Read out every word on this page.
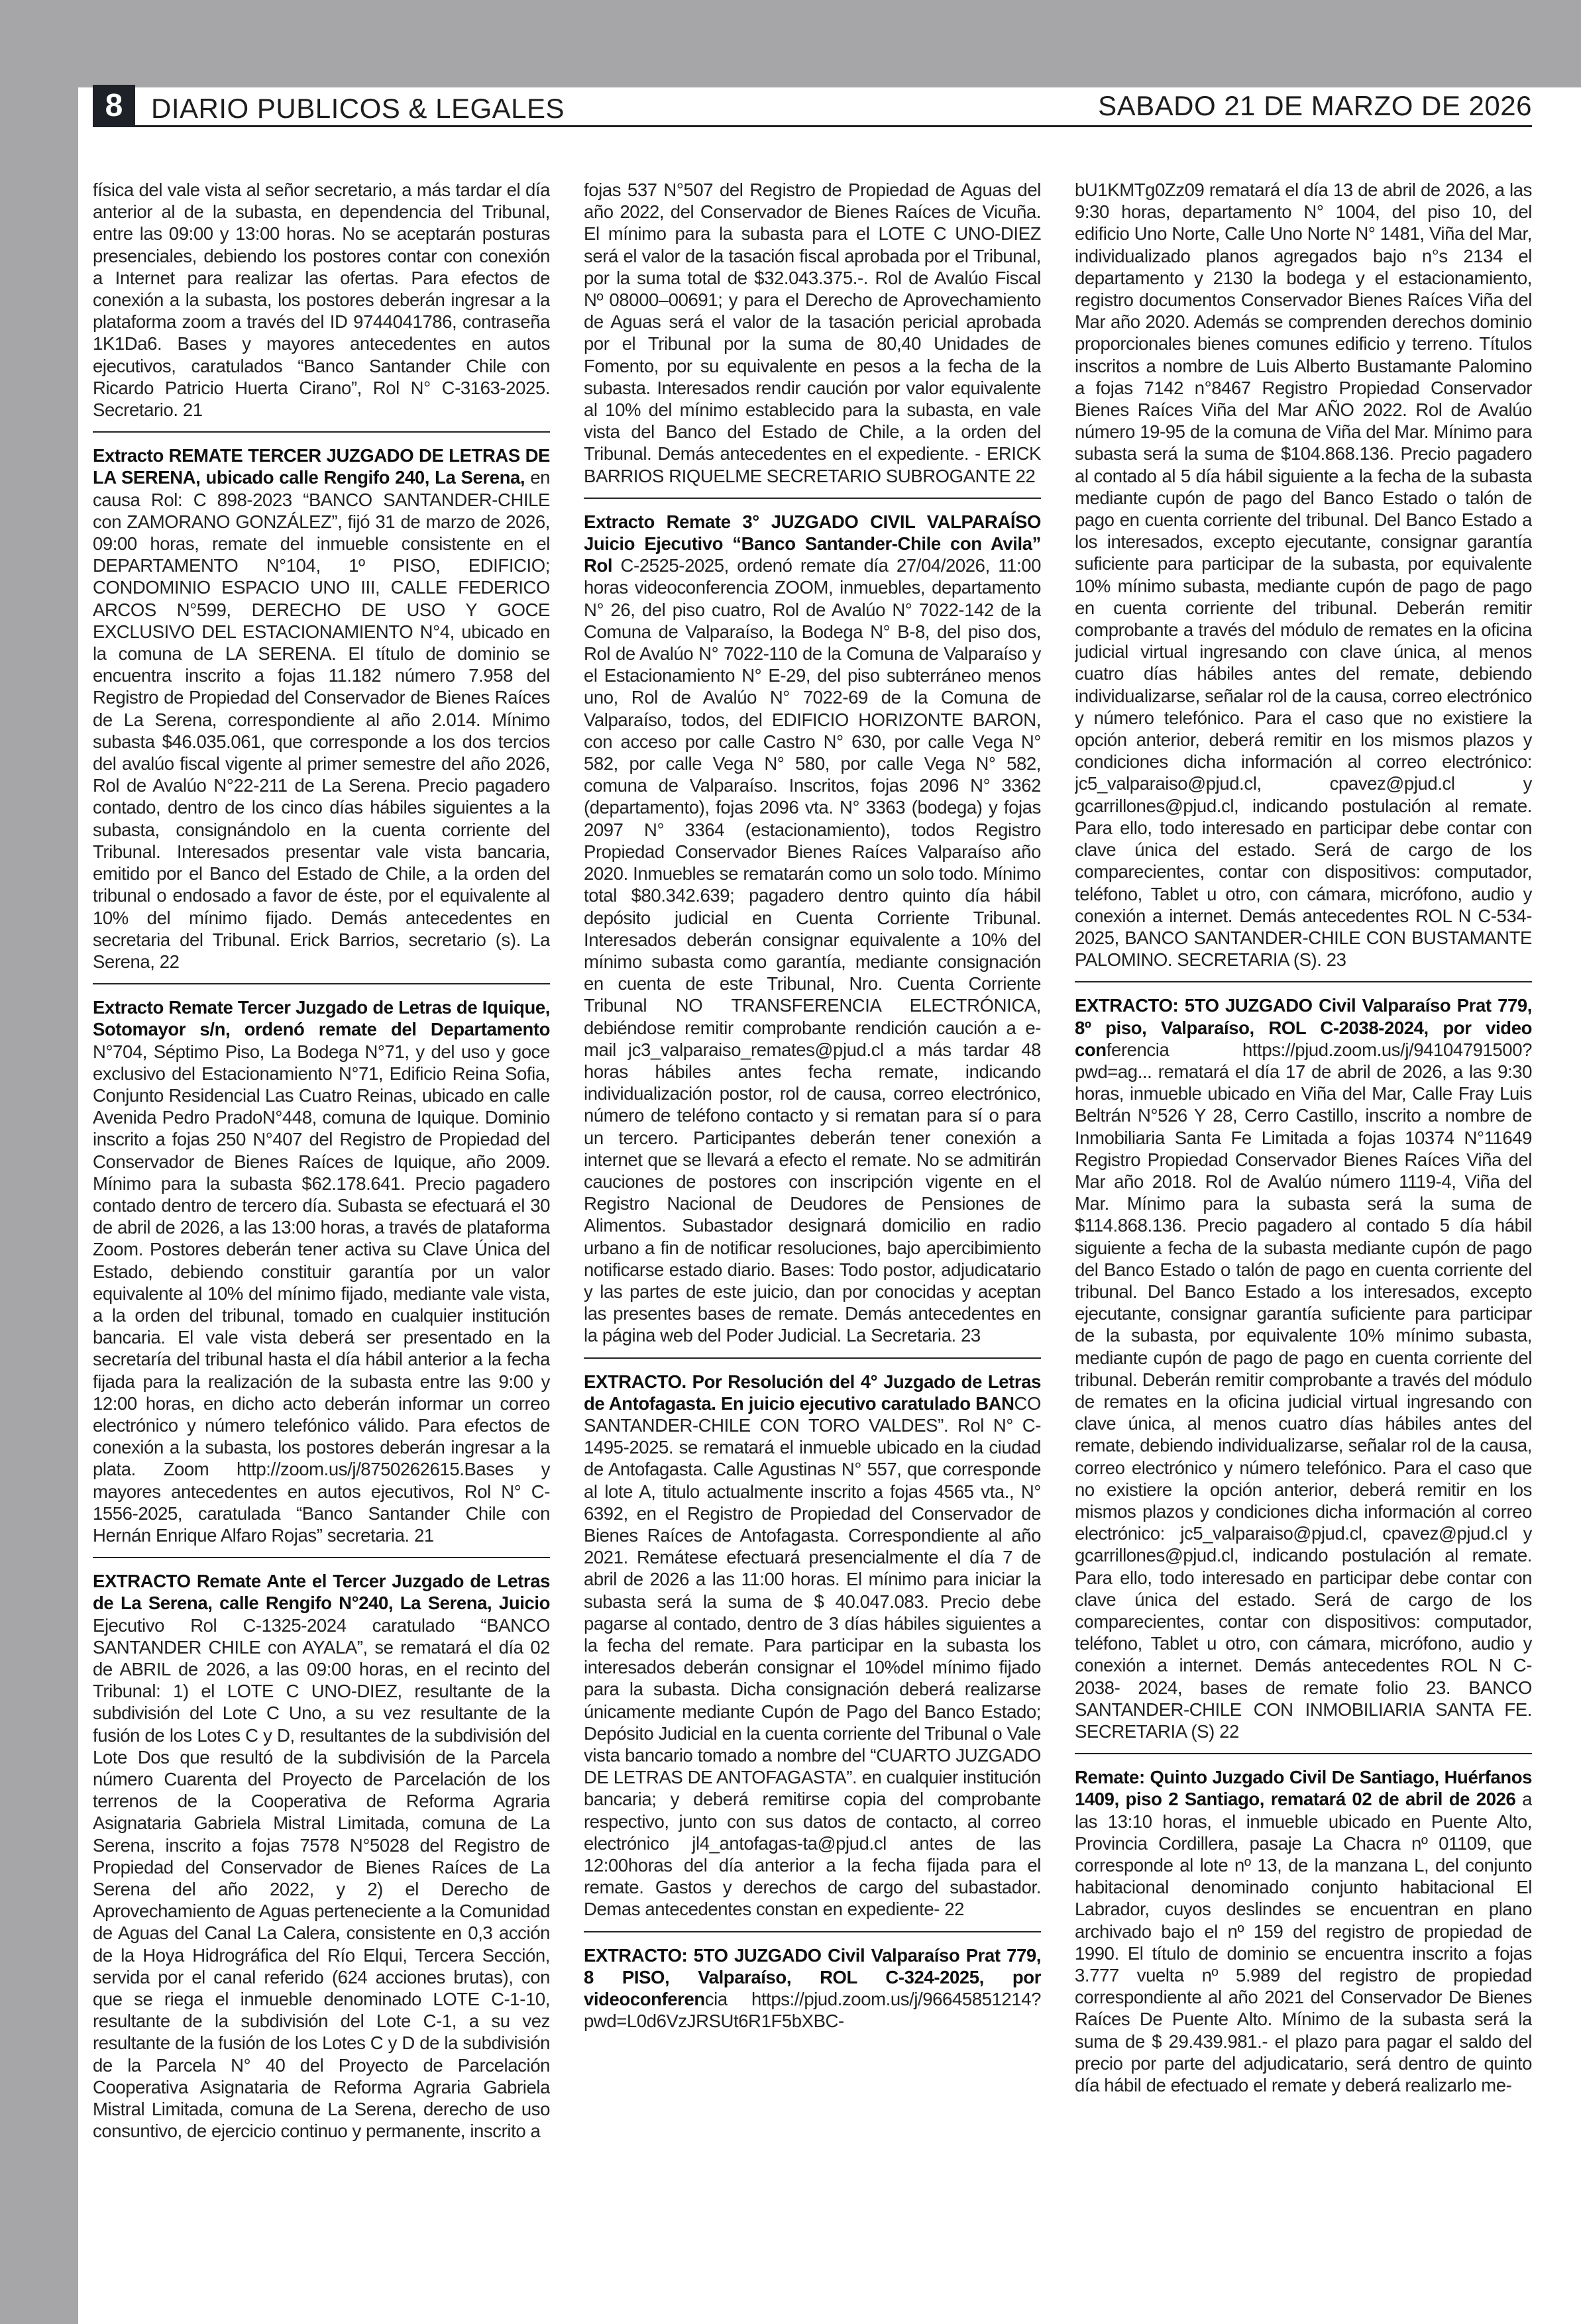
8	DIARIO PUBLICOS & LEGALES	SABADO 21 DE MARZO DE 2026

física del vale vista al señor secretario, a más tardar el día anterior al de la subasta, en dependencia del Tribunal, entre las 09:00 y 13:00 horas. No se aceptarán posturas presenciales, debiendo los postores contar con conexión a Internet para realizar las ofertas. Para efectos de conexión a la subasta, los postores deberán ingresar a la plataforma zoom a través del ID 9744041786, contraseña 1K1Da6. Bases y mayores antecedentes en autos ejecutivos, caratulados “Banco Santander Chile con Ricardo Patricio Huerta Cirano”, Rol N° C-3163-2025. Secretario. 21

Extracto REMATE TERCER JUZGADO DE LETRAS DE LA SERENA, ubicado calle Rengifo 240, La Serena, en causa Rol: C 898-2023 “BANCO SANTANDER-CHILE con ZAMORANO GONZÁLEZ”, fijó 31 de marzo de 2026, 09:00 horas, remate del inmueble consistente en el DEPARTAMENTO N°104, 1º PISO, EDIFICIO; CONDOMINIO ESPACIO UNO III, CALLE FEDERICO ARCOS N°599, DERECHO DE USO Y GOCE EXCLUSIVO DEL ESTACIONAMIENTO N°4, ubicado en la comuna de LA SERENA. El título de dominio se encuentra inscrito a fojas 11.182 número 7.958 del Registro de Propiedad del Conservador de Bienes Raíces de La Serena, correspondiente al año 2.014. Mínimo subasta $46.035.061, que corresponde a los dos tercios del avalúo fiscal vigente al primer semestre del año 2026, Rol de Avalúo N°22-211 de La Serena. Precio pagadero contado, dentro de los cinco días hábiles siguientes a la subasta, consignándolo en la cuenta corriente del Tribunal. Interesados presentar vale vista bancaria, emitido por el Banco del Estado de Chile, a la orden del tribunal o endosado a favor de éste, por el equivalente al 10% del mínimo fijado. Demás antecedentes en secretaria del Tribunal. Erick Barrios, secretario (s). La Serena, 22

Extracto Remate Tercer Juzgado de Letras de Iquique, Sotomayor s/n, ordenó remate del Departamento N°704, Séptimo Piso, La Bodega N°71, y del uso y goce exclusivo del Estacionamiento N°71, Edificio Reina Sofia, Conjunto Residencial Las Cuatro Reinas, ubicado en calle Avenida Pedro PradoN°448, comuna de Iquique. Dominio inscrito a fojas 250 N°407 del Registro de Propiedad del Conservador de Bienes Raíces de Iquique, año 2009. Mínimo para la subasta $62.178.641. Precio pagadero contado dentro de tercero día. Subasta se efectuará el 30 de abril de 2026, a las 13:00 horas, a través de plataforma Zoom. Postores deberán tener activa su Clave Única del Estado, debiendo constituir garantía por un valor equivalente al 10% del mínimo fijado, mediante vale vista, a la orden del tribunal, tomado en cualquier institución bancaria. El vale vista deberá ser presentado en la secretaría del tribunal hasta el día hábil anterior a la fecha fijada para la realización de la subasta entre las 9:00 y 12:00 horas, en dicho acto deberán informar un correo electrónico y número telefónico válido. Para efectos de conexión a la subasta, los postores deberán ingresar a la plata. Zoom http://zoom.us/j/8750262615.Bases y mayores antecedentes en autos ejecutivos, Rol N° C-1556-2025, caratulada “Banco Santander Chile con Hernán Enrique Alfaro Rojas” secretaria. 21

EXTRACTO Remate Ante el Tercer Juzgado de Letras de La Serena, calle Rengifo N°240, La Serena, Juicio Ejecutivo Rol C-1325-2024 caratulado “BANCO SANTANDER CHILE con AYALA”, se rematará el día 02 de ABRIL de 2026, a las 09:00 horas, en el recinto del Tribunal: 1) el LOTE C UNO-DIEZ, resultante de la subdivisión del Lote C Uno, a su vez resultante de la fusión de los Lotes C y D, resultantes de la subdivisión del Lote Dos que resultó de la subdivisión de la Parcela número Cuarenta del Proyecto de Parcelación de los terrenos de la Cooperativa de Reforma Agraria Asignataria Gabriela Mistral Limitada, comuna de La Serena, inscrito a fojas 7578 N°5028 del Registro de Propiedad del Conservador de Bienes Raíces de La Serena del año 2022, y 2) el Derecho de Aprovechamiento de Aguas perteneciente a la Comunidad de Aguas del Canal La Calera, consistente en 0,3 acción de la Hoya Hidrográfica del Río Elqui, Tercera Sección, servida por el canal referido (624 acciones brutas), con que se riega el inmueble denominado LOTE C-1-10, resultante de la subdivisión del Lote C-1, a su vez resultante de la fusión de los Lotes C y D de la subdivisión de la Parcela N° 40 del Proyecto de Parcelación Cooperativa Asignataria de Reforma Agraria Gabriela Mistral Limitada, comuna de La Serena, derecho de uso consuntivo, de ejercicio continuo y permanente, inscrito a

fojas 537 N°507 del Registro de Propiedad de Aguas del año 2022, del Conservador de Bienes Raíces de Vicuña. El mínimo para la subasta para el LOTE C UNO-DIEZ será el valor de la tasación fiscal aprobada por el Tribunal, por la suma total de $32.043.375.-. Rol de Avalúo Fiscal Nº 08000–00691; y para el Derecho de Aprovechamiento de Aguas será el valor de la tasación pericial aprobada por el Tribunal por la suma de 80,40 Unidades de Fomento, por su equivalente en pesos a la fecha de la subasta. Interesados rendir caución por valor equivalente al 10% del mínimo establecido para la subasta, en vale vista del Banco del Estado de Chile, a la orden del Tribunal. Demás antecedentes en el expediente. - ERICK BARRIOS RIQUELME SECRETARIO SUBROGANTE 22

Extracto Remate 3° JUZGADO CIVIL VALPARAÍSO Juicio Ejecutivo “Banco Santander-Chile con Avila” Rol C-2525-2025, ordenó remate día 27/04/2026, 11:00 horas videoconferencia ZOOM, inmuebles, departamento N° 26, del piso cuatro, Rol de Avalúo N° 7022-142 de la Comuna de Valparaíso, la Bodega N° B-8, del piso dos, Rol de Avalúo N° 7022-110 de la Comuna de Valparaíso y el Estacionamiento N° E-29, del piso subterráneo menos uno, Rol de Avalúo N° 7022-69 de la Comuna de Valparaíso, todos, del EDIFICIO HORIZONTE BARON, con acceso por calle Castro N° 630, por calle Vega N° 582, por calle Vega N° 580, por calle Vega N° 582, comuna de Valparaíso. Inscritos, fojas 2096 N° 3362 (departamento), fojas 2096 vta. N° 3363 (bodega) y fojas 2097 N° 3364 (estacionamiento), todos Registro Propiedad Conservador Bienes Raíces Valparaíso año 2020. Inmuebles se rematarán como un solo todo. Mínimo total $80.342.639; pagadero dentro quinto día hábil depósito judicial en Cuenta Corriente Tribunal. Interesados deberán consignar equivalente a 10% del mínimo subasta como garantía, mediante consignación en cuenta de este Tribunal, Nro. Cuenta Corriente Tribunal NO TRANSFERENCIA ELECTRÓNICA, debiéndose remitir comprobante rendición caución a e-mail jc3_valparaiso_remates@pjud.cl a más tardar 48 horas hábiles antes fecha remate, indicando individualización postor, rol de causa, correo electrónico, número de teléfono contacto y si rematan para sí o para un tercero. Participantes deberán tener conexión a internet que se llevará a efecto el remate. No se admitirán cauciones de postores con inscripción vigente en el Registro Nacional de Deudores de Pensiones de Alimentos. Subastador designará domicilio en radio urbano a fin de notificar resoluciones, bajo apercibimiento notificarse estado diario. Bases: Todo postor, adjudicatario y las partes de este juicio, dan por conocidas y aceptan las presentes bases de remate. Demás antecedentes en la página web del Poder Judicial. La Secretaria. 23

EXTRACTO. Por Resolución del 4° Juzgado de Letras de Antofagasta. En juicio ejecutivo caratulado BANCO SANTANDER-CHILE CON TORO VALDES”. Rol N° C-1495-2025. se rematará el inmueble ubicado en la ciudad de Antofagasta. Calle Agustinas N° 557, que corresponde al lote A, titulo actualmente inscrito a fojas 4565 vta., N° 6392, en el Registro de Propiedad del Conservador de Bienes Raíces de Antofagasta. Correspondiente al año 2021. Remátese efectuará presencialmente el día 7 de abril de 2026 a las 11:00 horas. El mínimo para iniciar la subasta será la suma de $ 40.047.083. Precio debe pagarse al contado, dentro de 3 días hábiles siguientes a la fecha del remate. Para participar en la subasta los interesados deberán consignar el 10%del mínimo fijado para la subasta. Dicha consignación deberá realizarse únicamente mediante Cupón de Pago del Banco Estado; Depósito Judicial en la cuenta corriente del Tribunal o Vale vista bancario tomado a nombre del “CUARTO JUZGADO DE LETRAS DE ANTOFAGASTA”. en cualquier institución bancaria; y deberá remitirse copia del comprobante respectivo, junto con sus datos de contacto, al correo electrónico jl4_antofagas-ta@pjud.cl antes de las 12:00horas del día anterior a la fecha fijada para el remate. Gastos y derechos de cargo del subastador. Demas antecedentes constan en expediente- 22

EXTRACTO: 5TO JUZGADO Civil Valparaíso Prat 779, 8 PISO, Valparaíso, ROL C-324-2025, por videoconferencia https://pjud.zoom.us/j/96645851214?pwd=L0d6VzJRSUt6R1F5bXBC-

bU1KMTg0Zz09 rematará el día 13 de abril de 2026, a las 9:30 horas, departamento N° 1004, del piso 10, del edificio Uno Norte, Calle Uno Norte N° 1481, Viña del Mar, individualizado planos agregados bajo n°s 2134 el departamento y 2130 la bodega y el estacionamiento, registro documentos Conservador Bienes Raíces Viña del Mar año 2020. Además se comprenden derechos dominio proporcionales bienes comunes edificio y terreno. Títulos inscritos a nombre de Luis Alberto Bustamante Palomino a fojas 7142 n°8467 Registro Propiedad Conservador Bienes Raíces Viña del Mar AÑO 2022. Rol de Avalúo número 19-95 de la comuna de Viña del Mar. Mínimo para subasta será la suma de $104.868.136. Precio pagadero al contado al 5 día hábil siguiente a la fecha de la subasta mediante cupón de pago del Banco Estado o talón de pago en cuenta corriente del tribunal. Del Banco Estado a los interesados, excepto ejecutante, consignar garantía suficiente para participar de la subasta, por equivalente 10% mínimo subasta, mediante cupón de pago de pago en cuenta corriente del tribunal. Deberán remitir comprobante a través del módulo de remates en la oficina judicial virtual ingresando con clave única, al menos cuatro días hábiles antes del remate, debiendo individualizarse, señalar rol de la causa, correo electrónico y número telefónico. Para el caso que no existiere la opción anterior, deberá remitir en los mismos plazos y condiciones dicha información al correo electrónico: jc5_valparaiso@pjud.cl, cpavez@pjud.cl y gcarrillones@pjud.cl, indicando postulación al remate. Para ello, todo interesado en participar debe contar con clave única del estado. Será de cargo de los comparecientes, contar con dispositivos: computador, teléfono, Tablet u otro, con cámara, micrófono, audio y conexión a internet. Demás antecedentes ROL N C-534-2025, BANCO SANTANDER-CHILE CON BUSTAMANTE PALOMINO. SECRETARIA (S). 23

EXTRACTO: 5TO JUZGADO Civil Valparaíso Prat 779, 8º piso, Valparaíso, ROL C-2038-2024, por video conferencia https://pjud.zoom.us/j/94104791500?pwd=ag... rematará el día 17 de abril de 2026, a las 9:30 horas, inmueble ubicado en Viña del Mar, Calle Fray Luis Beltrán N°526 Y 28, Cerro Castillo, inscrito a nombre de Inmobiliaria Santa Fe Limitada a fojas 10374 N°11649 Registro Propiedad Conservador Bienes Raíces Viña del Mar año 2018. Rol de Avalúo número 1119-4, Viña del Mar. Mínimo para la subasta será la suma de $114.868.136. Precio pagadero al contado 5 día hábil siguiente a fecha de la subasta mediante cupón de pago del Banco Estado o talón de pago en cuenta corriente del tribunal. Del Banco Estado a los interesados, excepto ejecutante, consignar garantía suficiente para participar de la subasta, por equivalente 10% mínimo subasta, mediante cupón de pago de pago en cuenta corriente del tribunal. Deberán remitir comprobante a través del módulo de remates en la oficina judicial virtual ingresando con clave única, al menos cuatro días hábiles antes del remate, debiendo individualizarse, señalar rol de la causa, correo electrónico y número telefónico. Para el caso que no existiere la opción anterior, deberá remitir en los mismos plazos y condiciones dicha información al correo electrónico: jc5_valparaiso@pjud.cl, cpavez@pjud.cl y gcarrillones@pjud.cl, indicando postulación al remate. Para ello, todo interesado en participar debe contar con clave única del estado. Será de cargo de los comparecientes, contar con dispositivos: computador, teléfono, Tablet u otro, con cámara, micrófono, audio y conexión a internet. Demás antecedentes ROL N C- 2038- 2024, bases de remate folio 23. BANCO SANTANDER-CHILE CON INMOBILIARIA SANTA FE. SECRETARIA (S) 22

Remate: Quinto Juzgado Civil De Santiago, Huérfanos 1409, piso 2 Santiago, rematará 02 de abril de 2026 a las 13:10 horas, el inmueble ubicado en Puente Alto, Provincia Cordillera, pasaje La Chacra nº 01109, que corresponde al lote nº 13, de la manzana L, del conjunto habitacional denominado conjunto habitacional El Labrador, cuyos deslindes se encuentran en plano archivado bajo el nº 159 del registro de propiedad de 1990. El título de dominio se encuentra inscrito a fojas 3.777 vuelta nº 5.989 del registro de propiedad correspondiente al año 2021 del Conservador De Bienes Raíces De Puente Alto. Mínimo de la subasta será la suma de $ 29.439.981.- el plazo para pagar el saldo del precio por parte del adjudicatario, será dentro de quinto día hábil de efectuado el remate y deberá realizarlo me-
